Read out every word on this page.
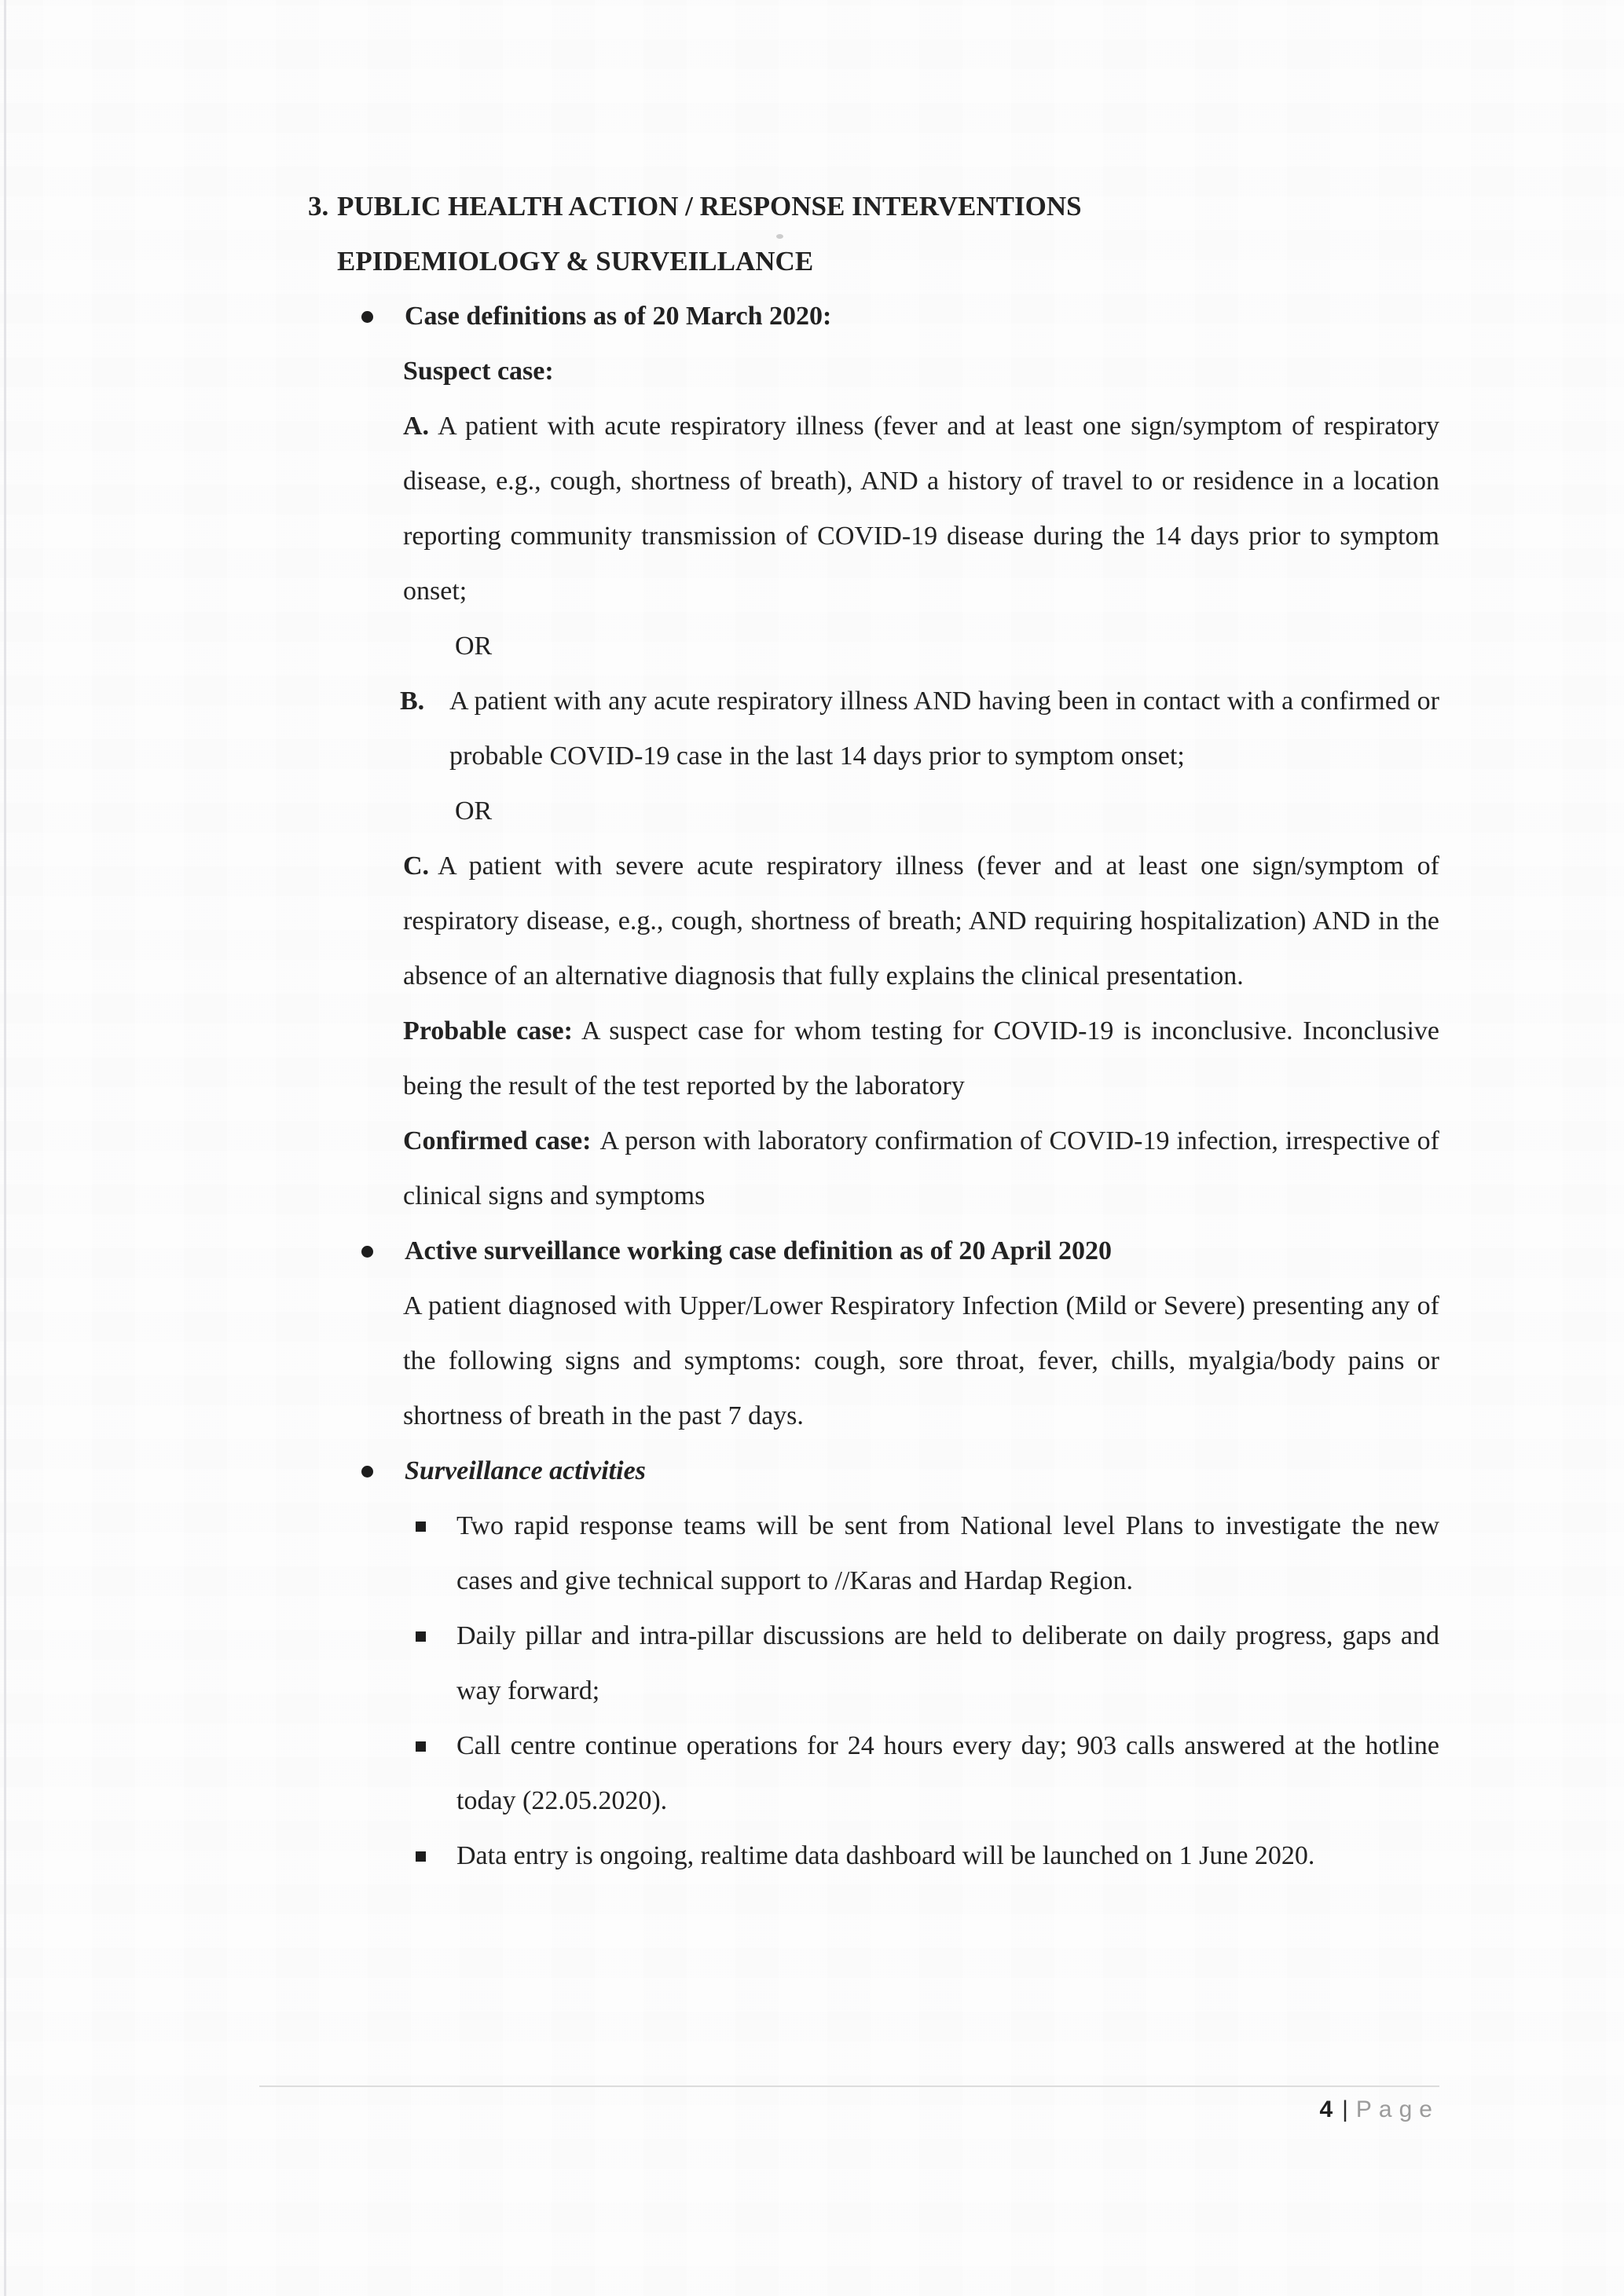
3. PUBLIC HEALTH ACTION / RESPONSE INTERVENTIONS
EPIDEMIOLOGY & SURVEILLANCE
Case definitions as of 20 March 2020:

Suspect case:

A. A patient with acute respiratory illness (fever and at least one sign/symptom of respiratory disease, e.g., cough, shortness of breath), AND a history of travel to or residence in a location reporting community transmission of COVID-19 disease during the 14 days prior to symptom onset;

OR

B. A patient with any acute respiratory illness AND having been in contact with a confirmed or probable COVID-19 case in the last 14 days prior to symptom onset;

OR

C. A patient with severe acute respiratory illness (fever and at least one sign/symptom of respiratory disease, e.g., cough, shortness of breath; AND requiring hospitalization) AND in the absence of an alternative diagnosis that fully explains the clinical presentation.

Probable case: A suspect case for whom testing for COVID-19 is inconclusive. Inconclusive being the result of the test reported by the laboratory

Confirmed case: A person with laboratory confirmation of COVID-19 infection, irrespective of clinical signs and symptoms

Active surveillance working case definition as of 20 April 2020

A patient diagnosed with Upper/Lower Respiratory Infection (Mild or Severe) presenting any of the following signs and symptoms: cough, sore throat, fever, chills, myalgia/body pains or shortness of breath in the past 7 days.

Surveillance activities
Two rapid response teams will be sent from National level Plans to investigate the new cases and give technical support to //Karas and Hardap Region.
Daily pillar and intra-pillar discussions are held to deliberate on daily progress, gaps and way forward;
Call centre continue operations for 24 hours every day; 903 calls answered at the hotline today (22.05.2020).
Data entry is ongoing, realtime data dashboard will be launched on 1 June 2020.
4 | Page
